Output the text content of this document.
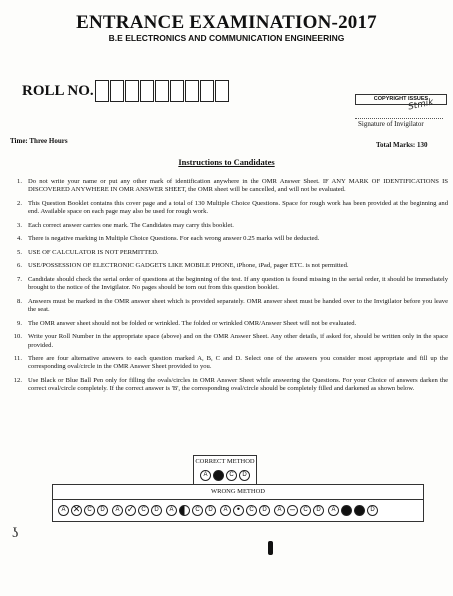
ENTRANCE EXAMINATION-2017
B.E ELECTRONICS AND COMMUNICATION ENGINEERING
ROLL NO.	COPYRIGHT ISSUES
Stmik
Signature of Invigilator
Time: Three Hours	Total Marks: 130
Instructions to Candidates
1. Do not write your name or put any other mark of identification anywhere in the OMR Answer Sheet. IF ANY MARK OF IDENTIFICATIONS IS DISCOVERED ANYWHERE IN OMR ANSWER SHEET, the OMR sheet will be cancelled, and will not be evaluated.
2. This Question Booklet contains this cover page and a total of 130 Multiple Choice Questions. Space for rough work has been provided at the beginning and end. Available space on each page may also be used for rough work.
3. Each correct answer carries one mark. The Candidates may carry this booklet.
4. There is negative marking in Multiple Choice Questions. For each wrong answer 0.25 marks will be deducted.
5. USE OF CALCULATOR IS NOT PERMITTED.
6. USE/POSSESSION OF ELECTRONIC GADGETS LIKE MOBILE PHONE, iPhone, iPad, pager ETC. is not permitted.
7. Candidate should check the serial order of questions at the beginning of the test. If any question is found missing in the serial order, it should be immediately brought to the notice of the Invigilator. No pages should be torn out from this question booklet.
8. Answers must be marked in the OMR answer sheet which is provided separately. OMR answer sheet must be handed over to the Invigilator before you leave the seat.
9. The OMR answer sheet should not be folded or wrinkled. The folded or wrinkled OMR/Answer Sheet will not be evaluated.
10. Write your Roll Number in the appropriate space (above) and on the OMR Answer Sheet. Any other details, if asked for, should be written only in the space provided.
11. There are four alternative answers to each question marked A, B, C and D. Select one of the answers you consider most appropriate and fill up the corresponding oval/circle in the OMR Answer Sheet provided to you.
12. Use Black or Blue Ball Pen only for filling the ovals/circles in OMR Answer Sheet while answering the Questions. For your Choice of answers darken the correct oval/circle completely. If the correct answer is 'B', the corresponding oval/circle should be completely filled and darkened as shown below.
ʖ
CORRECT METHOD
A	C	D
WRONG METHOD
A ✕	C	D	A ✓	C	D	A	C	D	A •	C	D	A –	C	D	A	D
